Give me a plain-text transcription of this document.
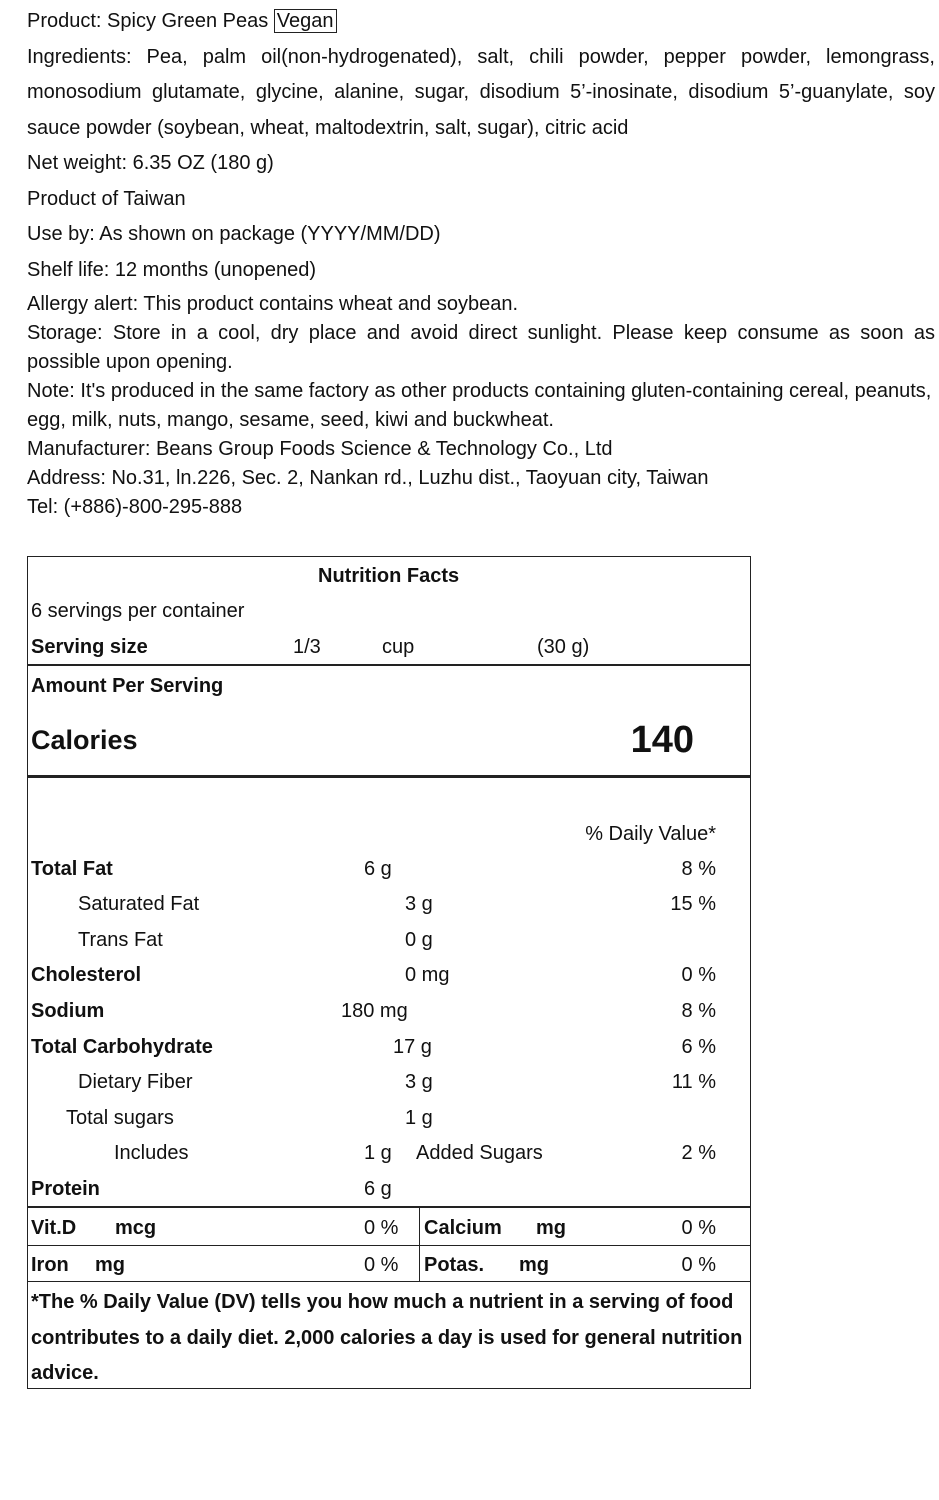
Product: Spicy Green Peas Vegan
Ingredients: Pea, palm oil(non-hydrogenated), salt, chili powder, pepper powder, lemongrass, monosodium glutamate, glycine, alanine, sugar, disodium 5’-inosinate, disodium 5’-guanylate, soy sauce powder (soybean, wheat, maltodextrin, salt, sugar), citric acid
Net weight: 6.35 OZ (180 g)
Product of Taiwan
Use by: As shown on package (YYYY/MM/DD)
Shelf life: 12 months (unopened)
Allergy alert: This product contains wheat and soybean.
Storage: Store in a cool, dry place and avoid direct sunlight. Please keep consume as soon as possible upon opening.
Note: It's produced in the same factory as other products containing gluten-containing cereal, peanuts, egg, milk, nuts, mango, sesame, seed, kiwi and buckwheat.
Manufacturer: Beans Group Foods Science & Technology Co., Ltd
Address: No.31, ln.226, Sec. 2, Nankan rd., Luzhu dist., Taoyuan city, Taiwan
Tel: (+886)-800-295-888
Nutrition Facts
6 servings per container
Serving size	1/3	cup	(30 g)
Amount Per Serving
Calories	140
% Daily Value*
Total Fat	6 g	8 %
Saturated Fat	3 g	15 %
Trans Fat	0 g
Cholesterol	0 mg	0 %
Sodium	180 mg	8 %
Total Carbohydrate	17 g	6 %
Dietary Fiber	3 g	11 %
Total sugars	1 g
Includes	1 g Added Sugars	2 %
Protein	6 g
Vit.D mcg	0 % Calcium mg	0 %
Iron mg	0 % Potas. mg	0 %
*The % Daily Value (DV) tells you how much a nutrient in a serving of food contributes to a daily diet. 2,000 calories a day is used for general nutrition advice.
